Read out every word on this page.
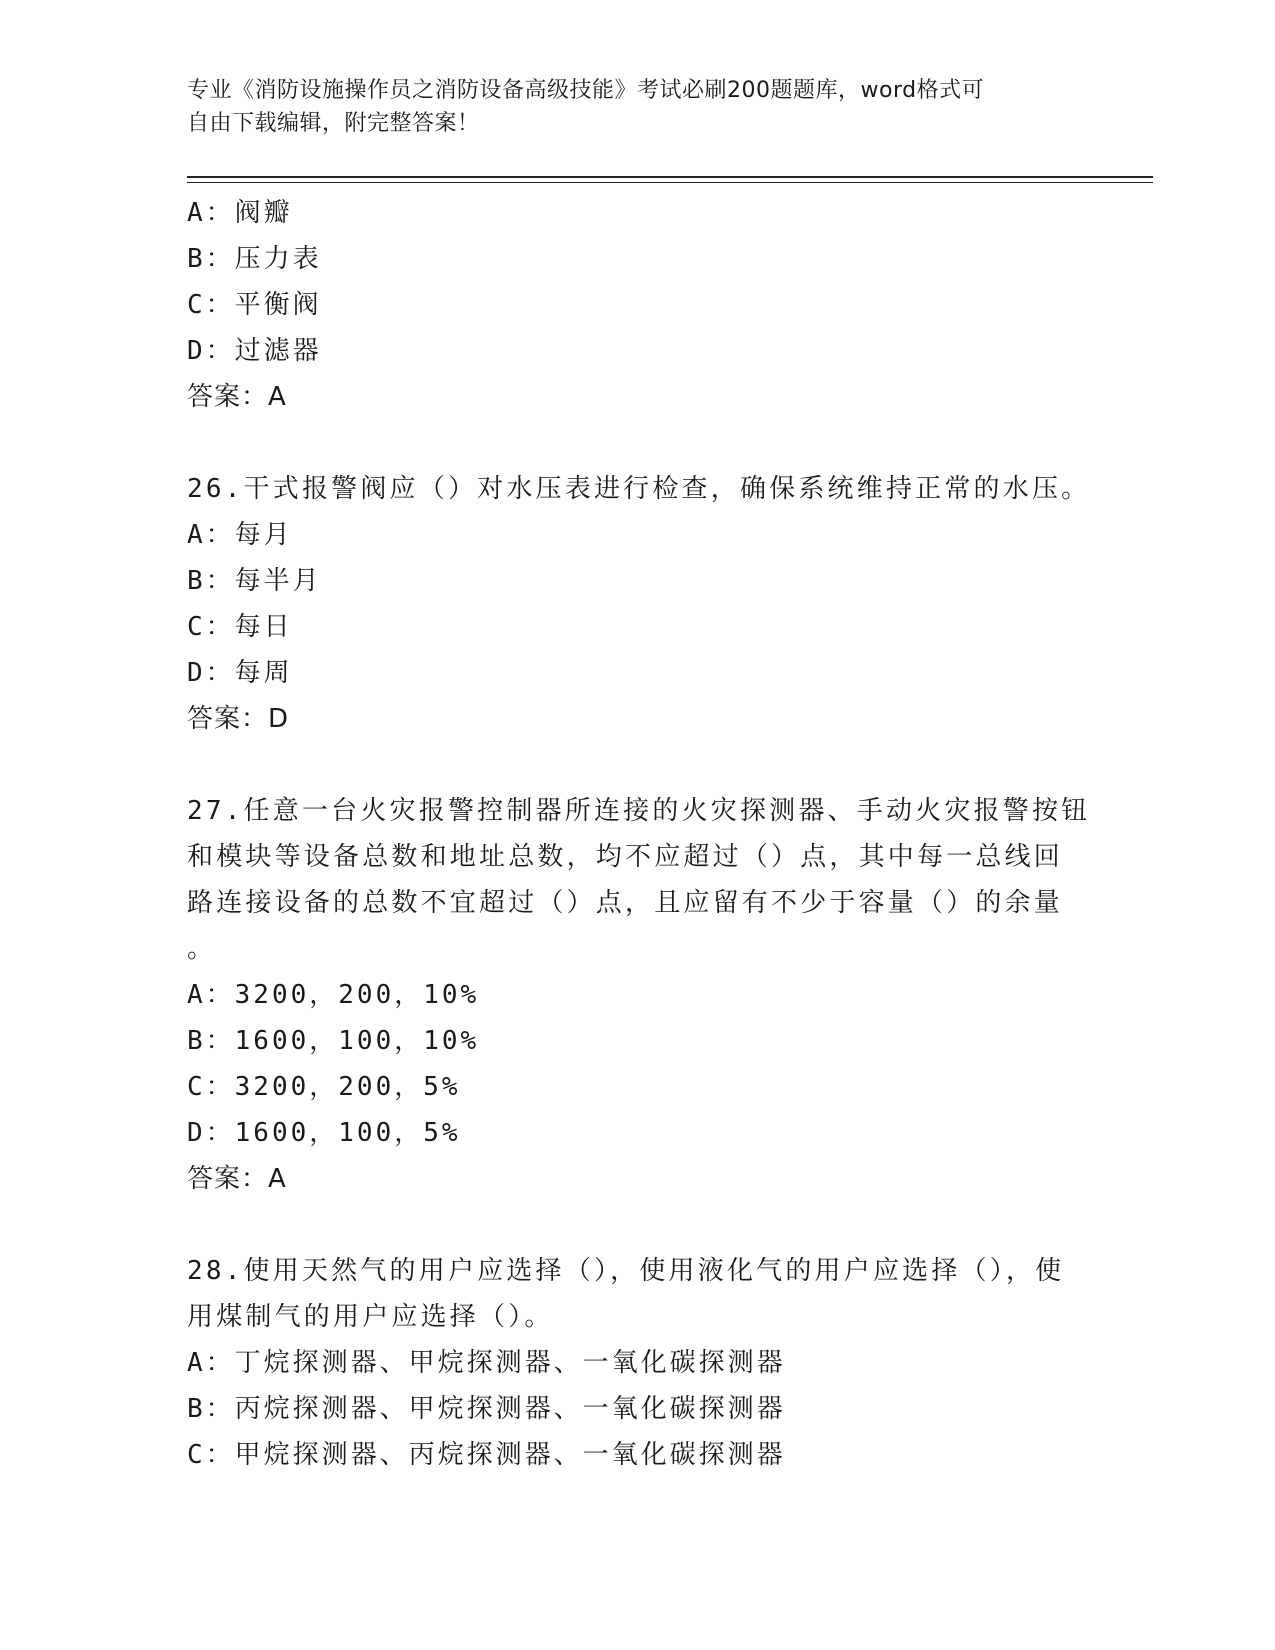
专业《消防设施操作员之消防设备高级技能》考试必刷200题题库，word格式可
自由下载编辑，附完整答案！
A：阀瓣
B：压力表
C：平衡阀
D：过滤器
答案：A
26.干式报警阀应（）对水压表进行检查，确保系统维持正常的水压。
A：每月
B：每半月
C：每日
D：每周
答案：D
27.任意一台火灾报警控制器所连接的火灾探测器、手动火灾报警按钮
和模块等设备总数和地址总数，均不应超过（）点，其中每一总线回
路连接设备的总数不宜超过（）点，且应留有不少于容量（）的余量
。
A：3200，200，10%
B：1600，100，10%
C：3200，200，5%
D：1600，100，5%
答案：A
28.使用天然气的用户应选择（），使用液化气的用户应选择（），使
用煤制气的用户应选择（）。
A：丁烷探测器、甲烷探测器、一氧化碳探测器
B：丙烷探测器、甲烷探测器、一氧化碳探测器
C：甲烷探测器、丙烷探测器、一氧化碳探测器
